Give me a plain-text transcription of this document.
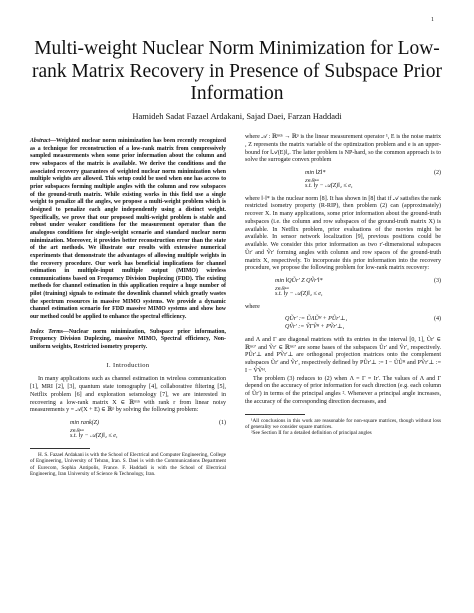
1
Multi-weight Nuclear Norm Minimization for Low-rank Matrix Recovery in Presence of Subspace Prior Information
Hamideh Sadat Fazael Ardakani, Sajad Daei, Farzan Haddadi

Abstract—Weighted nuclear norm minimization has been recently recognized as a technique for reconstruction of a low-rank matrix from compressively sampled measurements when some prior information about the column and row subspaces of the matrix is available. We derive the conditions and the associated recovery guarantees of weighted nuclear norm minimization when multiple weights are allowed. This setup could be used when one has access to prior subspaces forming multiple angles with the column and row subspaces of the ground-truth matrix. While existing works in this field use a single weight to penalize all the angles, we propose a multi-weight problem which is designed to penalize each angle independently using a distinct weight. Specifically, we prove that our proposed multi-weight problem is stable and robust under weaker conditions for the measurement operator than the analogous conditions for single-weight scenario and standard nuclear norm minimization. Moreover, it provides better reconstruction error than the state of the art methods. We illustrate our results with extensive numerical experiments that demonstrate the advantages of allowing multiple weights in the recovery procedure. Our work has beneficial implications for channel estimation in multiple-input multiple output (MIMO) wireless communications based on Frequency Division Duplexing (FDD). The existing methods for channel estimation in this application require a huge number of pilot (training) signals to estimate the downlink channel which greatly wastes the spectrum resources in massive MIMO systems. We provide a dynamic channel estimation scenario for FDD massive MIMO systems and show how our method could be applied to enhance the spectral efficiency.

Index Terms—Nuclear norm minimization, Subspace prior information, Frequency Division Duplexing, massive MIMO, Spectral efficiency, Non-uniform weights, Restricted isometry property.

I. Introduction

In many applications such as channel estimation in wireless communication [1], MRI [2], [3], quantum state tomography [4], collaborative filtering [5], Netflix problem [6] and exploration seismology [7], we are interested in recovering a low-rank matrix X ∈ ℝⁿˣⁿ with rank r from linear noisy measurements y = 𝒜(X + E) ∈ ℝᵖ by solving the following problem:

min rank(Z)	(1)
Z∈ℝⁿˣⁿ
s.t. ‖y − 𝒜(Z)‖₂ ≤ e,

H. S. Fazael Ardakani is with the School of Electrical and Computer Engineering, College of Engineering, University of Tehran, Iran. S. Daei is with the Communications Department of Eurecom, Sophia Antipolis, France. F. Haddadi is with the School of Electrical Engineering, Iran University of Science & Technology, Iran.

where 𝒜 : ℝⁿˣⁿ → ℝᵖ is the linear measurement operator ¹, E is the noise matrix , Z represents the matrix variable of the optimization problem and e is an upper-bound for ‖𝒜(E)‖₂. The latter problem is NP-hard, so the common approach is to solve the surrogate convex problem

min ‖Z‖*	(2)
Z∈ℝⁿˣⁿ
s.t. ‖y − 𝒜(Z)‖₂ ≤ e,

where ‖·‖* is the nuclear norm [8]. It has shown in [8] that if 𝒜 satisfies the rank restricted isometry property (R-RIP), then problem (2) can (approximately) recover X. In many applications, some prior information about the ground-truth subspaces (i.e. the column and row subspaces of the ground-truth matrix X) is available. In Netflix problem, prior evaluations of the movies might be available. In sensor network localization [9], previous positions could be available. We consider this prior information as two r′-dimensional subspaces Ũr′ and Ṽr′ forming angles with column and row spaces of the ground-truth matrix X, respectively. To incorporate this prior information into the recovery procedure, we propose the following problem for low-rank matrix recovery:

min ‖QŨr′ Z QṼr′‖*	(3)
Z∈ℝⁿˣⁿ
s.t. ‖y − 𝒜(Z)‖₂ ≤ e,

where

QŨr′ := ŨΛŨᴴ + PŨr′⊥,	(4)
QṼr′ := ṼΓṼᴴ + PṼr′⊥,

and Λ and Γ are diagonal matrices with its entries in the interval [0, 1], Ũr′ ∈ ℝⁿˣʳ′ and Ṽr′ ∈ ℝⁿˣʳ′ are some bases of the subspaces Ũr′ and Ṽr′, respectively. PŨr′⊥ and PṼr′⊥ are orthogonal projection matrices onto the complement subspaces Ũr′ and Ṽr′, respectively defined by PŨr′⊥ := I − ŨŨᴴ and PṼr′⊥ := I − ṼṼᴴ.

The problem (3) reduces to (2) when Λ = Γ = Ir′. The values of Λ and Γ depend on the accuracy of prior information for each direction (e.g. each column of Ũr′) in terms of the principal angles ². Whenever a principal angle increases, the accuracy of the corresponding direction decreases, and

¹All conclusions in this work are reasonable for non-square matrices, though without loss of generality we consider square matrices.

²See Section II for a detailed definition of principal angles
